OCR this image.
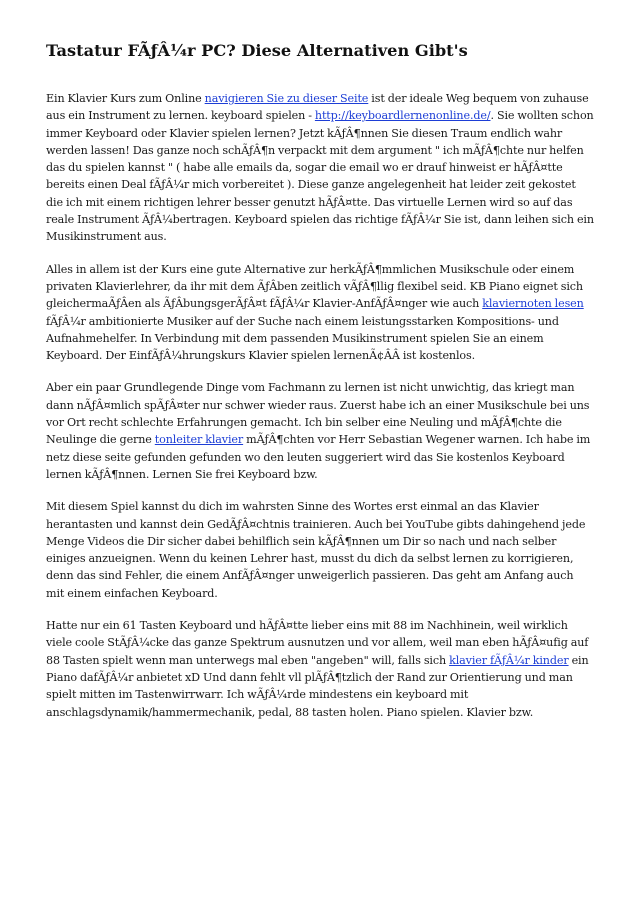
Tastatur FÃƒÂ¼r PC? Diese Alternativen Gibt's

Ein Klavier Kurs zum Online navigieren Sie zu dieser Seite ist der ideale Weg bequem von zuhause aus ein Instrument zu lernen. keyboard spielen - http://keyboardlernenonline.de/. Sie wollten schon immer Keyboard oder Klavier spielen lernen? Jetzt kÃƒÂ¶nnen Sie diesen Traum endlich wahr werden lassen! Das ganze noch schÃƒÂ¶n verpackt mit dem argument " ich mÃƒÂ¶chte nur helfen das du spielen kannst " ( habe alle emails da, sogar die email wo er drauf hinweist er hÃƒÂ¤tte bereits einen Deal fÃƒÂ¼r mich vorbereitet ). Diese ganze angelegenheit hat leider zeit gekostet die ich mit einem richtigen lehrer besser genutzt hÃƒÂ¤tte. Das virtuelle Lernen wird so auf das reale Instrument ÃƒÂ¼bertragen. Keyboard spielen das richtige fÃƒÂ¼r Sie ist, dann leihen sich ein Musikinstrument aus.

Alles in allem ist der Kurs eine gute Alternative zur herkÃƒÂ¶mmlichen Musikschule oder einem privaten Klavierlehrer, da ihr mit dem ÃƒÂben zeitlich vÃƒÂ¶llig flexibel seid. KB Piano eignet sich gleichermaÃƒÂen als ÃƒÂbungsgerÃƒÂ¤t fÃƒÂ¼r Klavier-AnfÃƒÂ¤nger wie auch klaviernoten lesen fÃƒÂ¼r ambitionierte Musiker auf der Suche nach einem leistungsstarken Kompositions- und Aufnahmehelfer. In Verbindung mit dem passenden Musikinstrument spielen Sie an einem Keyboard. Der EinfÃƒÂ¼hrungskurs Klavier spielen lernenÃ¢ÂÂ ist kostenlos.

Aber ein paar Grundlegende Dinge vom Fachmann zu lernen ist nicht unwichtig, das kriegt man dann nÃƒÂ¤mlich spÃƒÂ¤ter nur schwer wieder raus. Zuerst habe ich an einer Musikschule bei uns vor Ort recht schlechte Erfahrungen gemacht. Ich bin selber eine Neuling und mÃƒÂ¶chte die Neulinge die gerne tonleiter klavier mÃƒÂ¶chten vor Herr Sebastian Wegener warnen. Ich habe im netz diese seite gefunden gefunden wo den leuten suggeriert wird das Sie kostenlos Keyboard lernen kÃƒÂ¶nnen. Lernen Sie frei Keyboard bzw.

Mit diesem Spiel kannst du dich im wahrsten Sinne des Wortes erst einmal an das Klavier herantasten und kannst dein GedÃƒÂ¤chtnis trainieren. Auch bei YouTube gibts dahingehend jede Menge Videos die Dir sicher dabei behilflich sein kÃƒÂ¶nnen um Dir so nach und nach selber einiges anzueignen. Wenn du keinen Lehrer hast, musst du dich da selbst lernen zu korrigieren, denn das sind Fehler, die einem AnfÃƒÂ¤nger unweigerlich passieren. Das geht am Anfang auch mit einem einfachen Keyboard.

Hatte nur ein 61 Tasten Keyboard und hÃƒÂ¤tte lieber eins mit 88 im Nachhinein, weil wirklich viele coole StÃƒÂ¼cke das ganze Spektrum ausnutzen und vor allem, weil man eben hÃƒÂ¤ufig auf 88 Tasten spielt wenn man unterwegs mal eben "angeben" will, falls sich klavier fÃƒÂ¼r kinder ein Piano dafÃƒÂ¼r anbietet xD Und dann fehlt vll plÃƒÂ¶tzlich der Rand zur Orientierung und man spielt mitten im Tastenwirrwarr. Ich wÃƒÂ¼rde mindestens ein keyboard mit anschlagsdynamik/hammermechanik, pedal, 88 tasten holen. Piano spielen. Klavier bzw.
